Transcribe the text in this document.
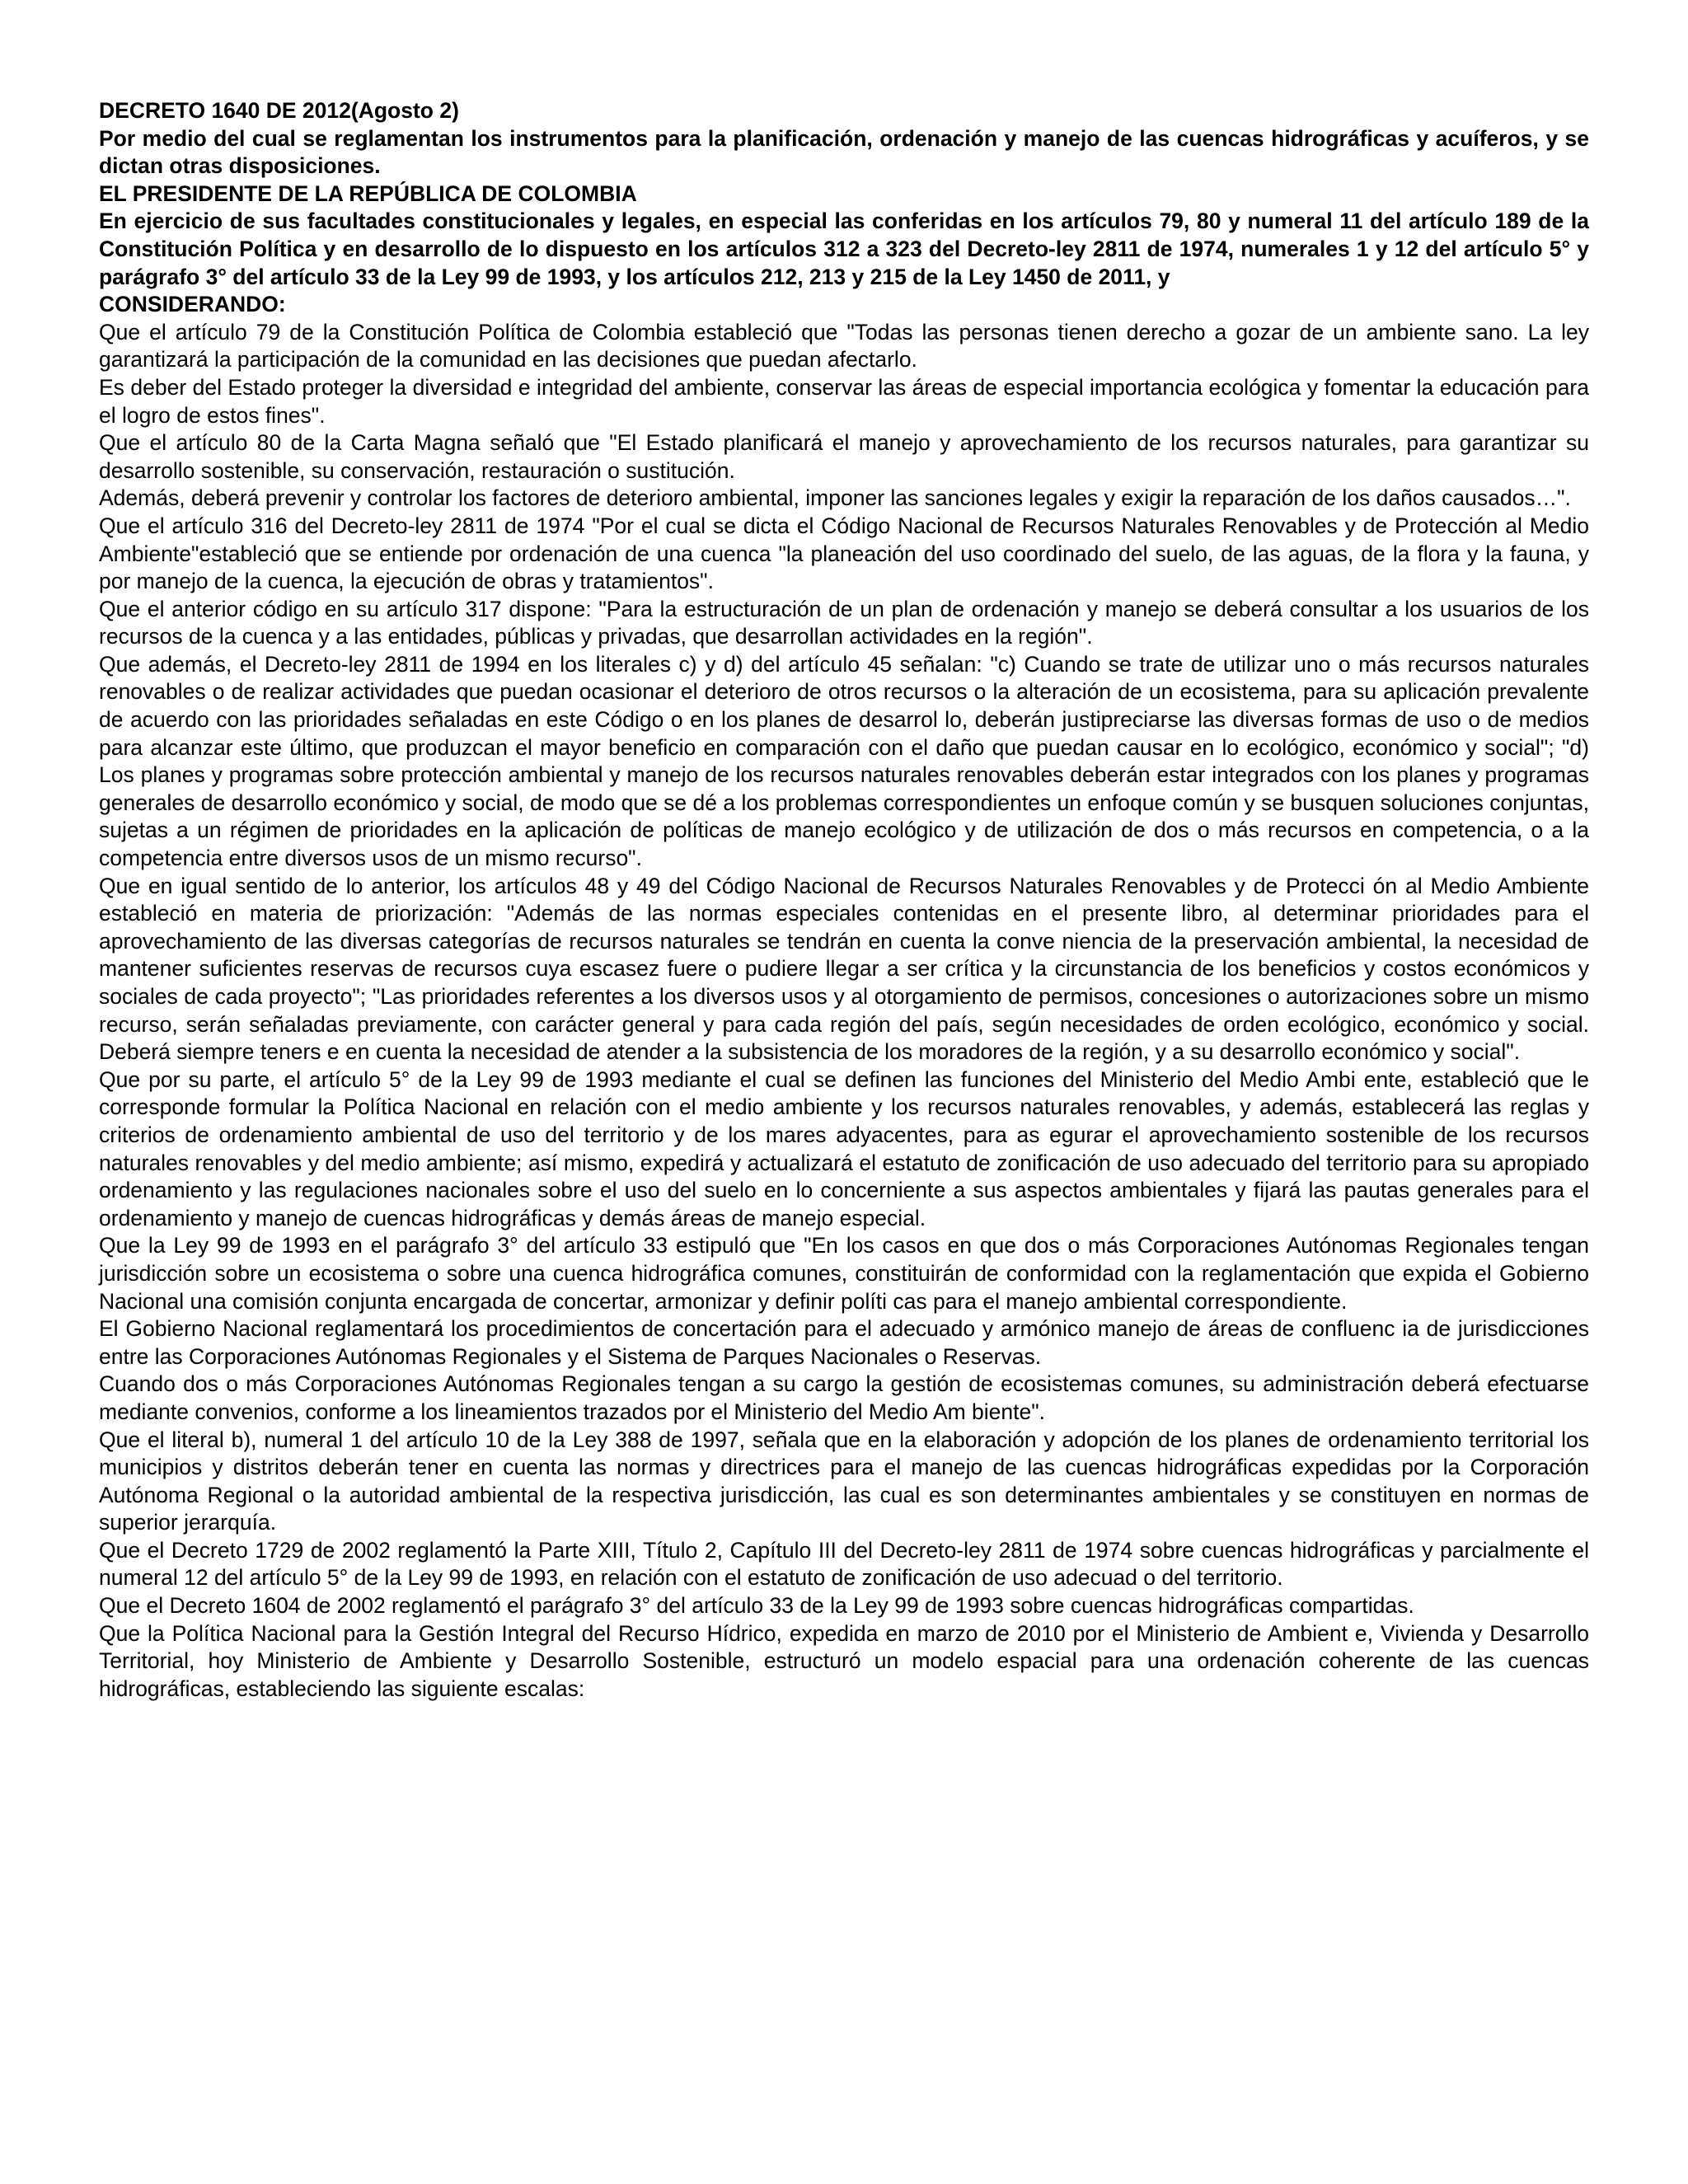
DECRETO 1640 DE 2012(Agosto 2)

Por medio del cual se reglamentan los instrumentos para la planificación, ordenación y manejo de las cuencas hidrográficas y acuíferos, y se dictan otras disposiciones.

EL PRESIDENTE DE LA REPÚBLICA DE COLOMBIA

En ejercicio de sus facultades constitucionales y legales, en especial las conferidas en los artículos 79, 80 y numeral 11 del artículo 189 de la Constitución Política y en desarrollo de lo dispuesto en los artículos 312 a 323 del Decreto-ley 2811 de 1974, numerales 1 y 12 del artículo 5° y parágrafo 3° del artículo 33 de la Ley 99 de 1993, y los artículos 212, 213 y 215 de la Ley 1450 de 2011, y

CONSIDERANDO:

Que el artículo 79 de la Constitución Política de Colombia estableció que "Todas las personas tienen derecho a gozar de un ambiente sano. La ley garantizará la participación de la comunidad en las decisiones que puedan afectarlo.

Es deber del Estado proteger la diversidad e integridad del ambiente, conservar las áreas de especial importancia ecológica y fomentar la educación para el logro de estos fines".

Que el artículo 80 de la Carta Magna señaló que "El Estado planificará el manejo y aprovechamiento de los recursos naturales, para garantizar su desarrollo sostenible, su conservación, restauración o sustitución.

Además, deberá prevenir y controlar los factores de deterioro ambiental, imponer las sanciones legales y exigir la reparación de los daños causados…".

Que el artículo 316 del Decreto-ley 2811 de 1974 "Por el cual se dicta el Código Nacional de Recursos Naturales Renovables y de Protección al Medio Ambiente"estableció que se entiende por ordenación de una cuenca "la planeación del uso coordinado del suelo, de las aguas, de la flora y la fauna, y por manejo de la cuenca, la ejecución de obras y tratamientos".

Que el anterior código en su artículo 317 dispone: "Para la estructuración de un plan de ordenación y manejo se deberá consultar a los usuarios de los recursos de la cuenca y a las entidades, públicas y privadas, que desarrollan actividades en la región".

Que además, el Decreto-ley 2811 de 1994 en los literales c) y d) del artículo 45 señalan: "c) Cuando se trate de utilizar uno o más recursos naturales renovables o de realizar actividades que puedan ocasionar el deterioro de otros recursos o la alteración de un ecosistema, para su aplicación prevalente de acuerdo con las prioridades señaladas en este Código o en los planes de desarrol lo, deberán justipreciarse las diversas formas de uso o de medios para alcanzar este último, que produzcan el mayor beneficio en comparación con el daño que puedan causar en lo ecológico, económico y social"; "d) Los planes y programas sobre protección ambiental y manejo de los recursos naturales renovables deberán estar integrados con los planes y programas generales de desarrollo económico y social, de modo que se dé a los problemas correspondientes un enfoque común y se busquen soluciones conjuntas, sujetas a un régimen de prioridades en la aplicación de políticas de manejo ecológico y de utilización de dos o más recursos en competencia, o a la competencia entre diversos usos de un mismo recurso".

Que en igual sentido de lo anterior, los artículos 48 y 49 del Código Nacional de Recursos Naturales Renovables y de Protecci ón al Medio Ambiente estableció en materia de priorización: "Además de las normas especiales contenidas en el presente libro, al determinar prioridades para el aprovechamiento de las diversas categorías de recursos naturales se tendrán en cuenta la conve niencia de la preservación ambiental, la necesidad de mantener suficientes reservas de recursos cuya escasez fuere o pudiere llegar a ser crítica y la circunstancia de los beneficios y costos económicos y sociales de cada proyecto"; "Las prioridades referentes a los diversos usos y al otorgamiento de permisos, concesiones o autorizaciones sobre un mismo recurso, serán señaladas previamente, con carácter general y para cada región del país, según necesidades de orden ecológico, económico y social. Deberá siempre teners e en cuenta la necesidad de atender a la subsistencia de los moradores de la región, y a su desarrollo económico y social".

Que por su parte, el artículo 5° de la Ley 99 de 1993 mediante el cual se definen las funciones del Ministerio del Medio Ambi ente, estableció que le corresponde formular la Política Nacional en relación con el medio ambiente y los recursos naturales renovables, y además, establecerá las reglas y criterios de ordenamiento ambiental de uso del territorio y de los mares adyacentes, para as egurar el aprovechamiento sostenible de los recursos naturales renovables y del medio ambiente; así mismo, expedirá y actualizará el estatuto de zonificación de uso adecuado del territorio para su apropiado ordenamiento y las regulaciones nacionales sobre el uso del suelo en lo concerniente a sus aspectos ambientales y fijará las pautas generales para el ordenamiento y manejo de cuencas hidrográficas y demás áreas de manejo especial.

Que la Ley 99 de 1993 en el parágrafo 3° del artículo 33 estipuló que "En los casos en que dos o más Corporaciones Autónomas Regionales tengan jurisdicción sobre un ecosistema o sobre una cuenca hidrográfica comunes, constituirán de conformidad con la reglamentación que expida el Gobierno Nacional una comisión conjunta encargada de concertar, armonizar y definir políti cas para el manejo ambiental correspondiente.

El Gobierno Nacional reglamentará los procedimientos de concertación para el adecuado y armónico manejo de áreas de confluenc ia de jurisdicciones entre las Corporaciones Autónomas Regionales y el Sistema de Parques Nacionales o Reservas.

Cuando dos o más Corporaciones Autónomas Regionales tengan a su cargo la gestión de ecosistemas comunes, su administración deberá efectuarse mediante convenios, conforme a los lineamientos trazados por el Ministerio del Medio Am biente".

Que el literal b), numeral 1 del artículo 10 de la Ley 388 de 1997, señala que en la elaboración y adopción de los planes de ordenamiento territorial los municipios y distritos deberán tener en cuenta las normas y directrices para el manejo de las cuencas hidrográficas expedidas por la Corporación Autónoma Regional o la autoridad ambiental de la respectiva jurisdicción, las cual es son determinantes ambientales y se constituyen en normas de superior jerarquía.

Que el Decreto 1729 de 2002 reglamentó la Parte XIII, Título 2, Capítulo III del Decreto-ley 2811 de 1974 sobre cuencas hidrográficas y parcialmente el numeral 12 del artículo 5° de la Ley 99 de 1993, en relación con el estatuto de zonificación de uso adecuad o del territorio.

Que el Decreto 1604 de 2002 reglamentó el parágrafo 3° del artículo 33 de la Ley 99 de 1993 sobre cuencas hidrográficas compartidas.

Que la Política Nacional para la Gestión Integral del Recurso Hídrico, expedida en marzo de 2010 por el Ministerio de Ambient e, Vivienda y Desarrollo Territorial, hoy Ministerio de Ambiente y Desarrollo Sostenible, estructuró un modelo espacial para una ordenación coherente de las cuencas hidrográficas, estableciendo las siguiente escalas:
